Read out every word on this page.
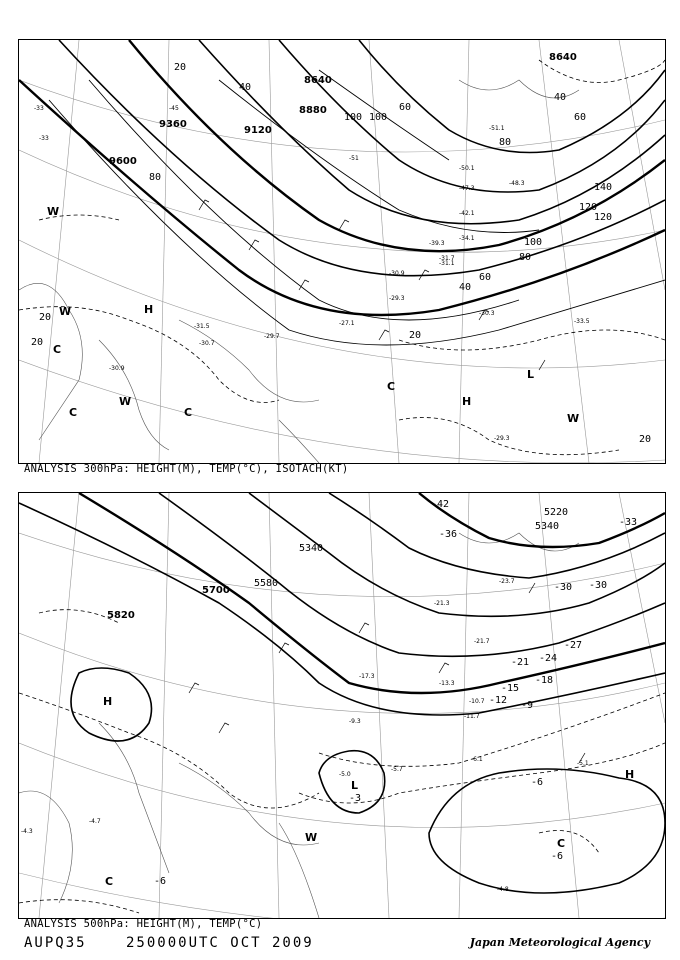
9600
9360
9120
8880
8640
8640
20
40
60
80
100
120
140
40
60
80
100
120
40
60
80
100
20
20
20
20
-33
-33
-45
-51
-51.1
-50.1
-48.3
-47.3
-42.1
-39.3
-34.1
-31.1
-30.9
-29.3
-30.3
-33.5
-31.5
-30.7
-29.7
-31.7
-29.3
-30.9
-27.1
H
H
L
C
C	C
C
W
W
W
W
ANALYSIS 300hPa: HEIGHT(M), TEMP(°C), ISOTACH(KT)
5820
5700
5580
5340
5220
5340
-42
-36
-33
-30 -30
-27
-24
-21
-18
-15
-12 -9
-6
-6
-3
-6
-23.7
-21.7
-21.3
-17.3
-13.3
-11.7
-10.7
-9.3
-6.1
-5.7
-5.1
-5.0
-4.7
-4.8
-4.3
H
H
L
C
C
W
ANALYSIS 500hPa: HEIGHT(M), TEMP(°C)
AUPQ35	250000UTC OCT 2009	Japan Meteorological Agency
